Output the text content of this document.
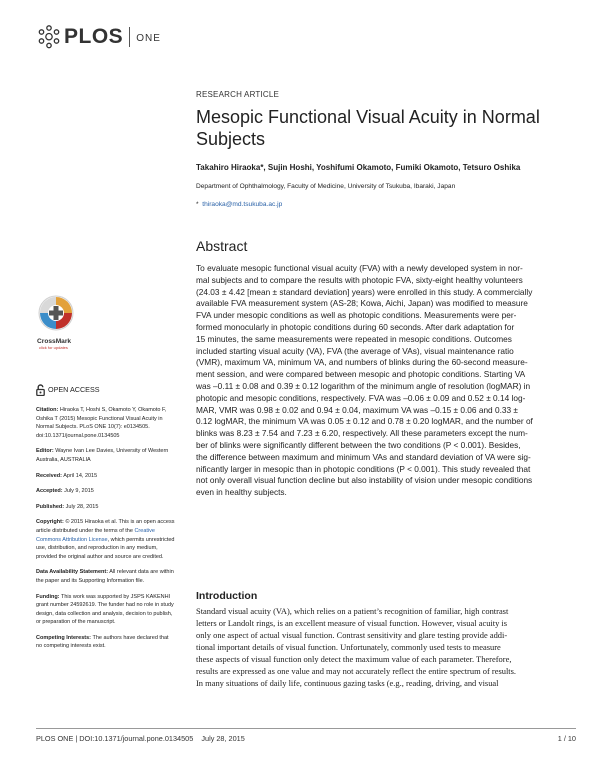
PLOS ONE
RESEARCH ARTICLE
Mesopic Functional Visual Acuity in Normal Subjects
Takahiro Hiraoka*, Sujin Hoshi, Yoshifumi Okamoto, Fumiki Okamoto, Tetsuro Oshika
Department of Ophthalmology, Faculty of Medicine, University of Tsukuba, Ibaraki, Japan
* thiraoka@md.tsukuba.ac.jp
Abstract
To evaluate mesopic functional visual acuity (FVA) with a newly developed system in nor-
mal subjects and to compare the results with photopic FVA, sixty-eight healthy volunteers
(24.03 ± 4.42 [mean ± standard deviation] years) were enrolled in this study. A commercially
available FVA measurement system (AS-28; Kowa, Aichi, Japan) was modified to measure
FVA under mesopic conditions as well as photopic conditions. Measurements were per-
formed monocularly in photopic conditions during 60 seconds. After dark adaptation for
15 minutes, the same measurements were repeated in mesopic conditions. Outcomes
included starting visual acuity (VA), FVA (the average of VAs), visual maintenance ratio
(VMR), maximum VA, minimum VA, and numbers of blinks during the 60-second measure-
ment session, and were compared between mesopic and photopic conditions. Starting VA
was –0.11 ± 0.08 and 0.39 ± 0.12 logarithm of the minimum angle of resolution (logMAR) in
photopic and mesopic conditions, respectively. FVA was –0.06 ± 0.09 and 0.52 ± 0.14 log-
MAR, VMR was 0.98 ± 0.02 and 0.94 ± 0.04, maximum VA was –0.15 ± 0.06 and 0.33 ±
0.12 logMAR, the minimum VA was 0.05 ± 0.12 and 0.78 ± 0.20 logMAR, and the number of
blinks was 8.23 ± 7.54 and 7.23 ± 6.20, respectively. All these parameters except the num-
ber of blinks were significantly different between the two conditions (P < 0.001). Besides,
the difference between maximum and minimum VAs and standard deviation of VA were sig-
nificantly larger in mesopic than in photopic conditions (P < 0.001). This study revealed that
not only overall visual function decline but also instability of vision under mesopic conditions
even in healthy subjects.
Introduction
Standard visual acuity (VA), which relies on a patient’s recognition of familiar, high contrast
letters or Landolt rings, is an excellent measure of visual function. However, visual acuity is
only one aspect of actual visual function. Contrast sensitivity and glare testing provide addi-
tional important details of visual function. Unfortunately, commonly used tests to measure
these aspects of visual function only detect the maximum value of each parameter. Therefore,
results are expressed as one value and may not accurately reflect the entire spectrum of results.
In many situations of daily life, continuous gazing tasks (e.g., reading, driving, and visual
CrossMark
click for updates
OPEN ACCESS
Citation: Hiraoka T, Hoshi S, Okamoto Y, Okamoto F, Oshika T (2015) Mesopic Functional Visual Acuity in Normal Subjects. PLoS ONE 10(7): e0134505. doi:10.1371/journal.pone.0134505
Editor: Wayne Ivan Lee Davies, University of Western Australia, AUSTRALIA
Received: April 14, 2015
Accepted: July 9, 2015
Published: July 28, 2015
Copyright: © 2015 Hiraoka et al. This is an open access article distributed under the terms of the Creative Commons Attribution License, which permits unrestricted use, distribution, and reproduction in any medium, provided the original author and source are credited.
Data Availability Statement: All relevant data are within the paper and its Supporting Information file.
Funding: This work was supported by JSPS KAKENHI grant number 24592619. The funder had no role in study design, data collection and analysis, decision to publish, or preparation of the manuscript.
Competing Interests: The authors have declared that no competing interests exist.
PLOS ONE | DOI:10.1371/journal.pone.0134505    July 28, 2015	1 / 10
